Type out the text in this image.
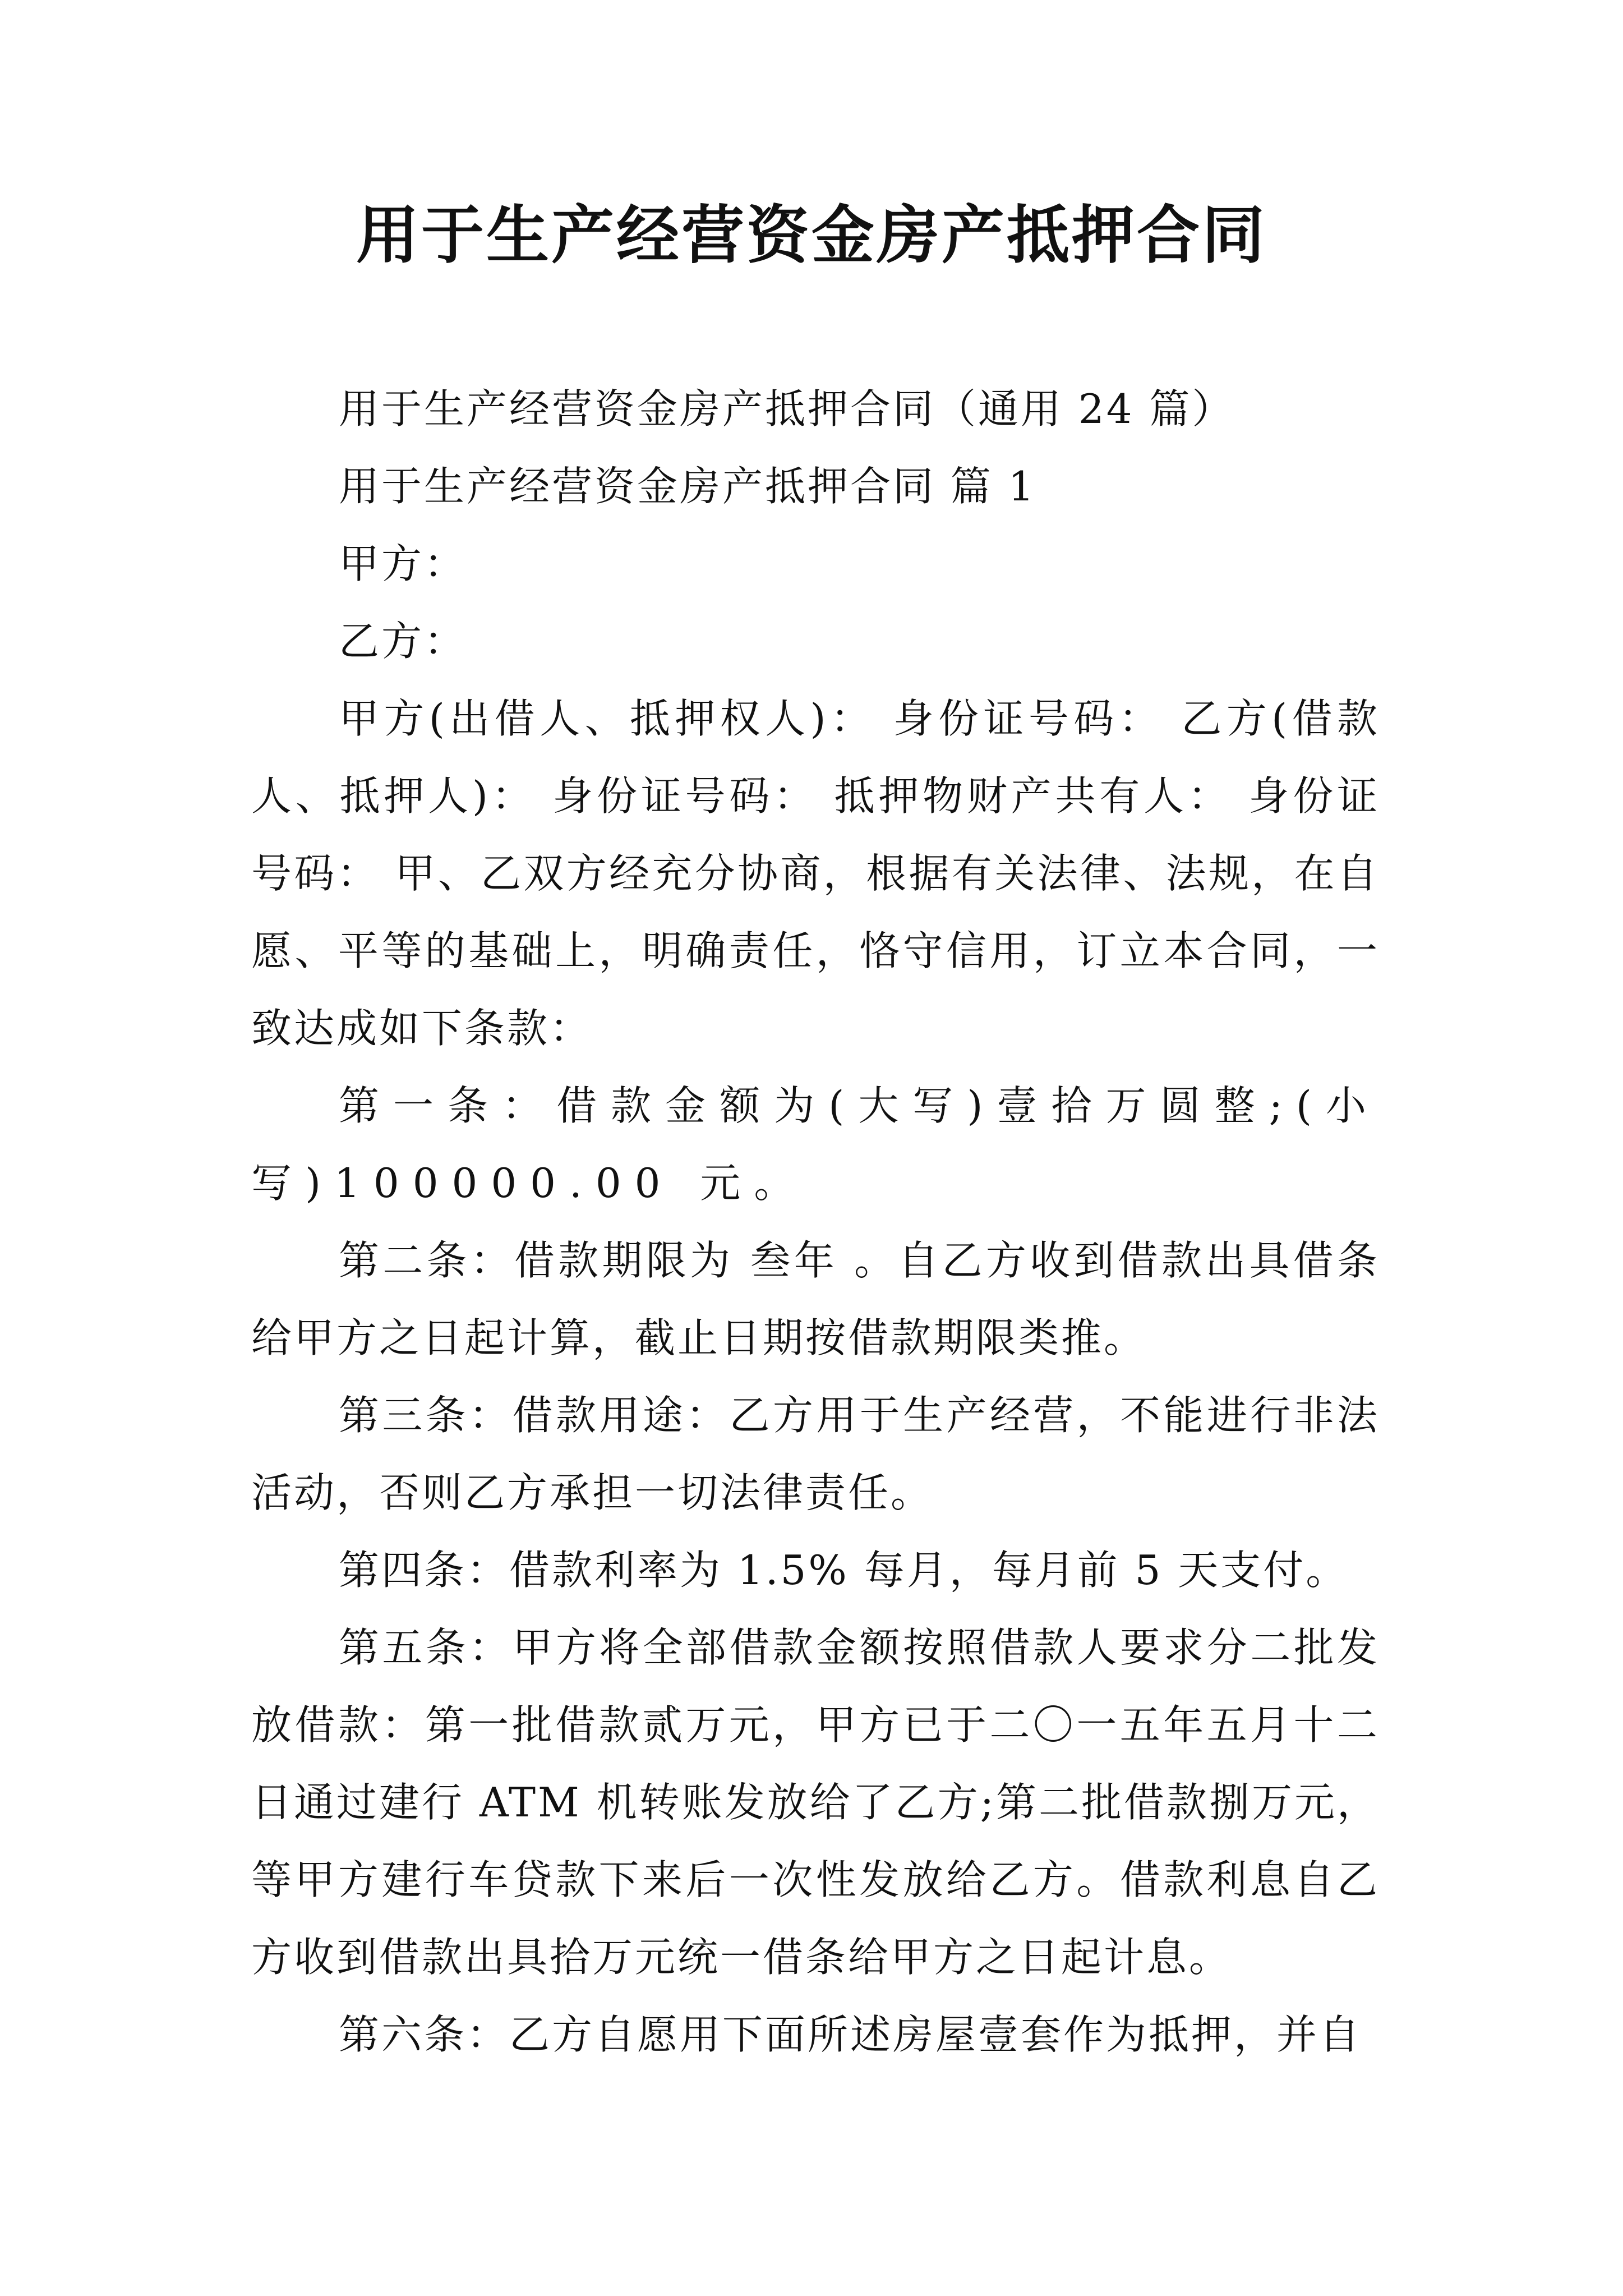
用于生产经营资金房产抵押合同

用于生产经营资金房产抵押合同（通用 24 篇）

用于生产经营资金房产抵押合同 篇 1

甲方：

乙方：

甲方(出借人、抵押权人)： 身份证号码： 乙方(借款人、抵押人)： 身份证号码： 抵押物财产共有人： 身份证号码： 甲、乙双方经充分协商，根据有关法律、法规，在自愿、平等的基础上，明确责任，恪守信用，订立本合同，一致达成如下条款：

第一条：借款金额为(大写)壹拾万圆整;(小写)100000.00 元。

第二条：借款期限为 叁年 。自乙方收到借款出具借条给甲方之日起计算，截止日期按借款期限类推。

第三条：借款用途：乙方用于生产经营，不能进行非法活动，否则乙方承担一切法律责任。

第四条：借款利率为 1.5% 每月，每月前 5 天支付。

第五条：甲方将全部借款金额按照借款人要求分二批发放借款：第一批借款贰万元，甲方已于二〇一五年五月十二日通过建行 ATM 机转账发放给了乙方;第二批借款捌万元，等甲方建行车贷款下来后一次性发放给乙方。借款利息自乙方收到借款出具拾万元统一借条给甲方之日起计息。

第六条：乙方自愿用下面所述房屋壹套作为抵押，并自
